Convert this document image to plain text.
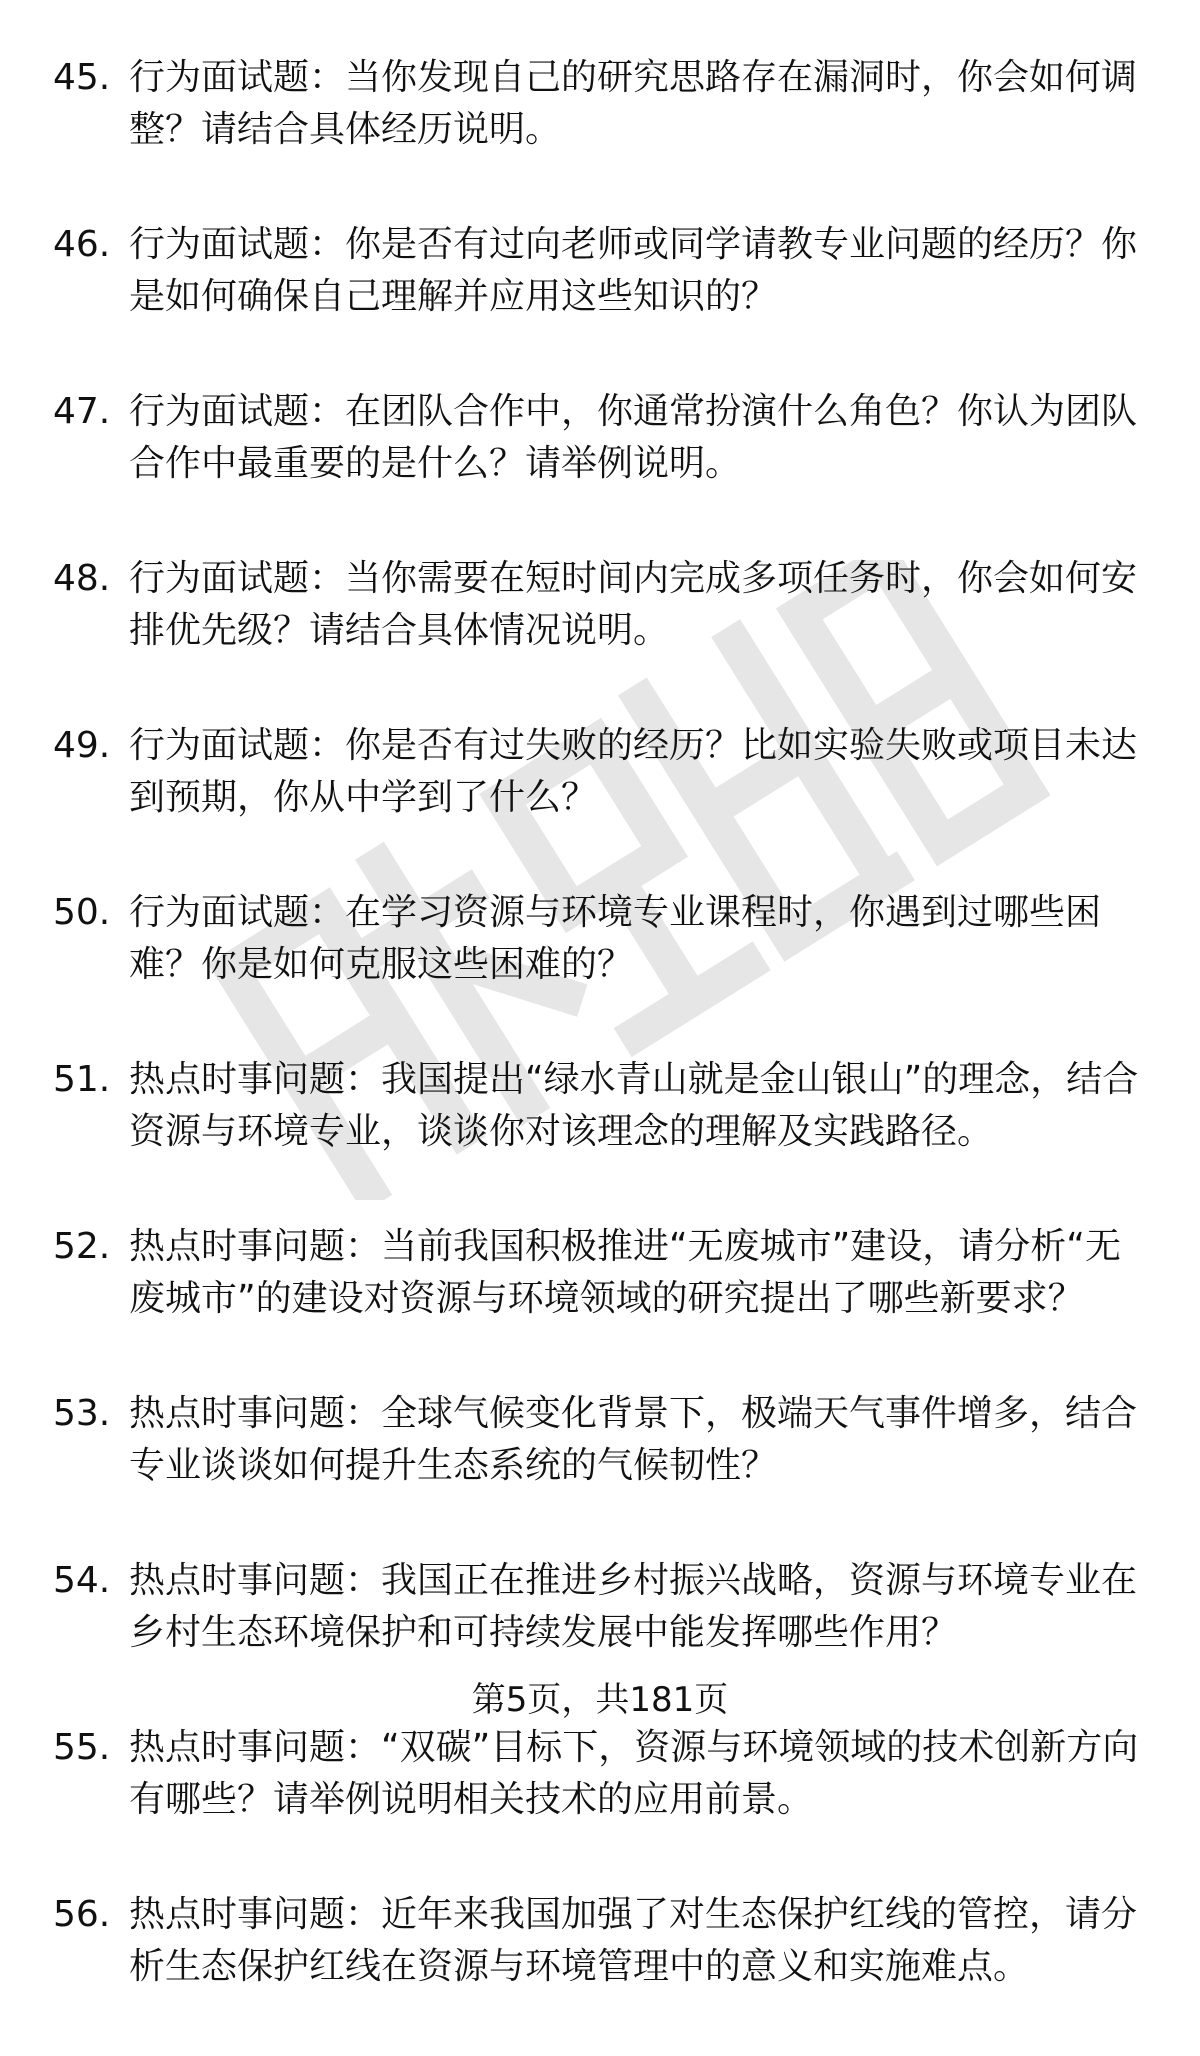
45. 行为面试题：当你发现自己的研究思路存在漏洞时，你会如何调整？请结合具体经历说明。
46. 行为面试题：你是否有过向老师或同学请教专业问题的经历？你是如何确保自己理解并应用这些知识的？
47. 行为面试题：在团队合作中，你通常扮演什么角色？你认为团队合作中最重要的是什么？请举例说明。
48. 行为面试题：当你需要在短时间内完成多项任务时，你会如何安排优先级？请结合具体情况说明。
49. 行为面试题：你是否有过失败的经历？比如实验失败或项目未达到预期，你从中学到了什么？
50. 行为面试题：在学习资源与环境专业课程时，你遇到过哪些困难？你是如何克服这些困难的？
51. 热点时事问题：我国提出“绿水青山就是金山银山”的理念，结合资源与环境专业，谈谈你对该理念的理解及实践路径。
52. 热点时事问题：当前我国积极推进“无废城市”建设，请分析“无废城市”的建设对资源与环境领域的研究提出了哪些新要求？
53. 热点时事问题：全球气候变化背景下，极端天气事件增多，结合专业谈谈如何提升生态系统的气候韧性？
54. 热点时事问题：我国正在推进乡村振兴战略，资源与环境专业在乡村生态环境保护和可持续发展中能发挥哪些作用？
55. 热点时事问题：“双碳”目标下，资源与环境领域的技术创新方向有哪些？请举例说明相关技术的应用前景。
56. 热点时事问题：近年来我国加强了对生态保护红线的管控，请分析生态保护红线在资源与环境管理中的意义和实施难点。
第5页，共181页
